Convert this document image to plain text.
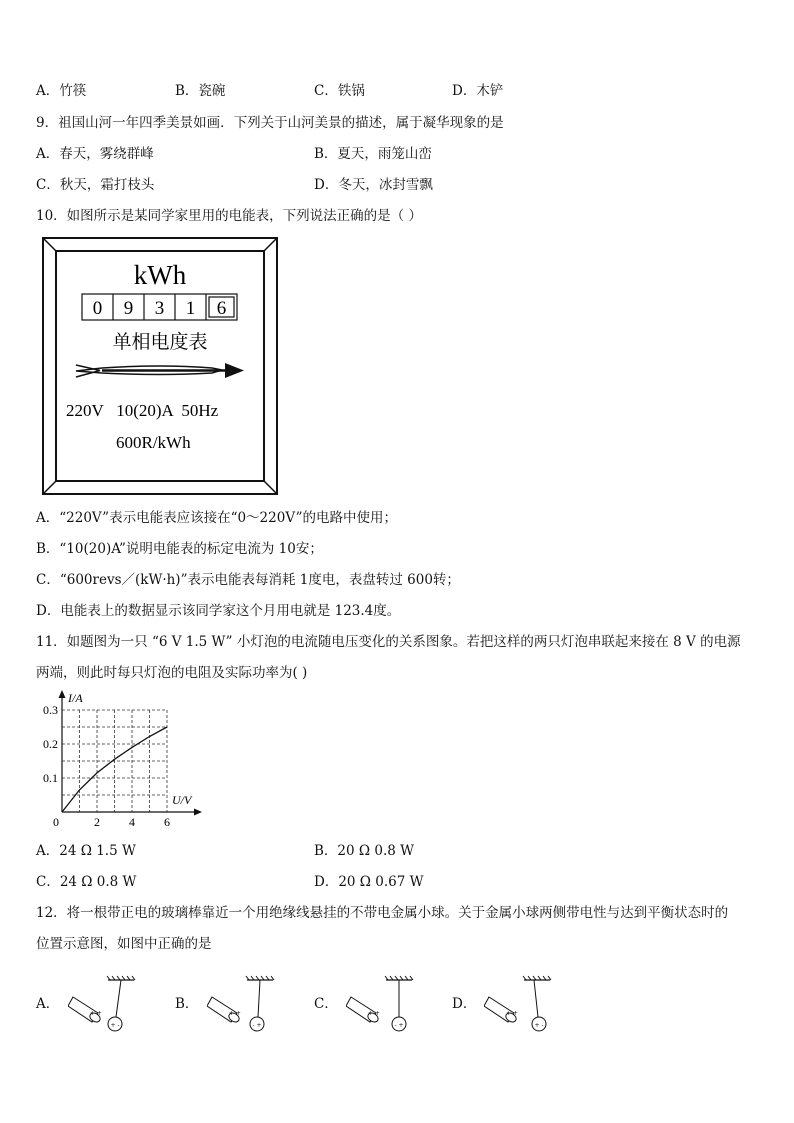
A．竹筷	B．瓷碗	C．铁锅	D．木铲
9．祖国山河一年四季美景如画．下列关于山河美景的描述，属于凝华现象的是
A．春天，雾绕群峰	B．夏天，雨笼山峦
C．秋天，霜打枝头	D．冬天，冰封雪飘
10．如图所示是某同学家里用的电能表，下列说法正确的是（ ）
kWh
0 9 3 1 6
单相电度表
220V   10(20)A  50Hz
600R/kWh
A．“220V”表示电能表应该接在“0～220V”的电路中使用；
B．“10(20)A”说明电能表的标定电流为 10安；
C．“600revs／(kW·h)”表示电能表每消耗 1度电，表盘转过 600转；
D．电能表上的数据显示该同学家这个月用电就是 123.4度。
11．如题图为一只 “6 V 1.5 W” 小灯泡的电流随电压变化的关系图象。若把这样的两只灯泡串联起来接在 8 V 的电源
两端，则此时每只灯泡的电阻及实际功率为( )
I/A
U/V
0	2 4 6
0.1
0.2
0.3
A．24 Ω 1.5 W	B．20 Ω 0.8 W
C．24 Ω 0.8 W	D．20 Ω 0.67 W
12．将一根带正电的玻璃棒靠近一个用绝缘线悬挂的不带电金属小球。关于金属小球两侧带电性与达到平衡状态时的
位置示意图，如图中正确的是
A．	B．	C．	D．
+ -
+ +
- +
+ +
- +
+ +
+ -
+ +
